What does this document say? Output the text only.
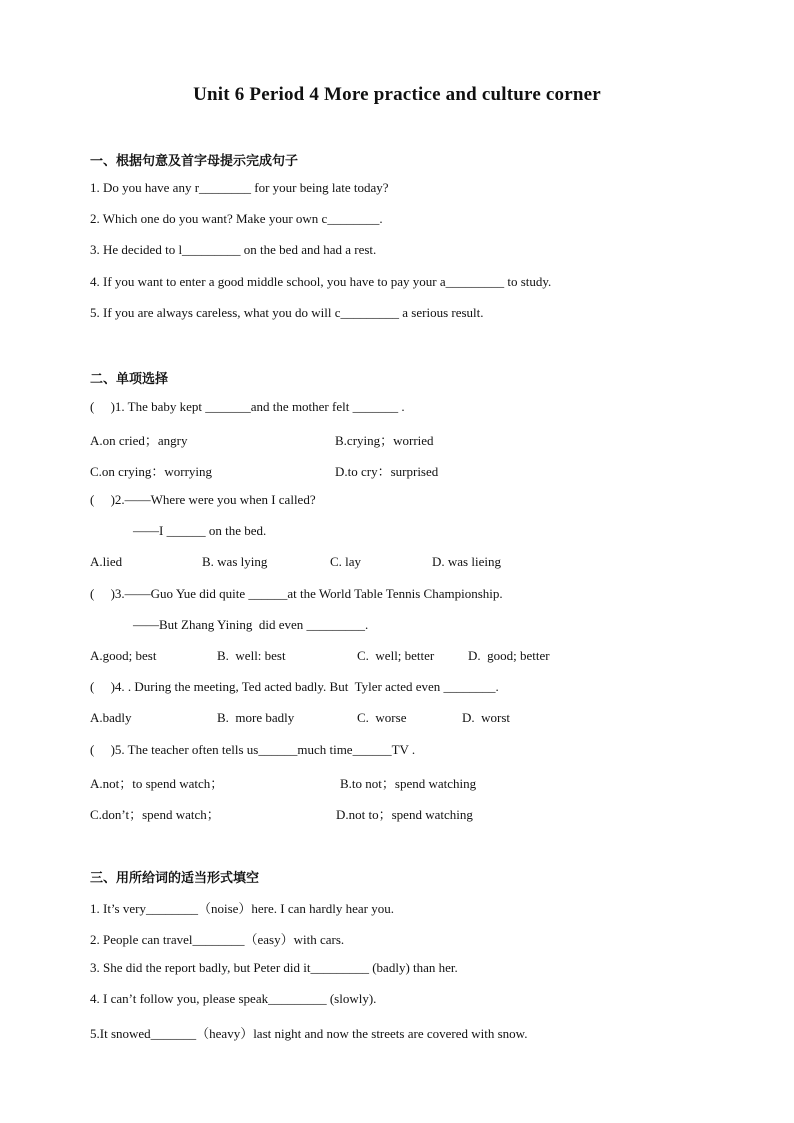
Unit 6 Period 4 More practice and culture corner
一、根据句意及首字母提示完成句子
1. Do you have any r________ for your being late today?
2. Which one do you want? Make your own c________.
3. He decided to l_________ on the bed and had a rest.
4. If you want to enter a good middle school, you have to pay your a_________ to study.
5. If you are always careless, what you do will c_________ a serious result.
二、单项选择
(     )1. The baby kept _______and the mother felt _______ .
A.on cried；angry	B.crying；worried
C.on crying：worrying	D.to cry：surprised
(     )2.——Where were you when I called?
——I ______ on the bed.
A.lied	B. was lying	C. lay	D. was lieing
(     )3.——Guo Yue did quite ______at the World Table Tennis Championship.
——But Zhang Yining  did even _________.
A.good; best	B.  well: best	C.  well; better	D.  good; better
(     )4. . During the meeting, Ted acted badly. But  Tyler acted even ________.
A.badly	B.  more badly	C.  worse	D.  worst
(     )5. The teacher often tells us______much time______TV .
A.not；to spend watch；	B.to not；spend watching
C.don’t；spend watch；	D.not to；spend watching
三、用所给词的适当形式填空
1. It’s very________（noise）here. I can hardly hear you.
2. People can travel________（easy）with cars.
3. She did the report badly, but Peter did it_________ (badly) than her.
4. I can’t follow you, please speak_________ (slowly).
5.It snowed_______（heavy）last night and now the streets are covered with snow.
